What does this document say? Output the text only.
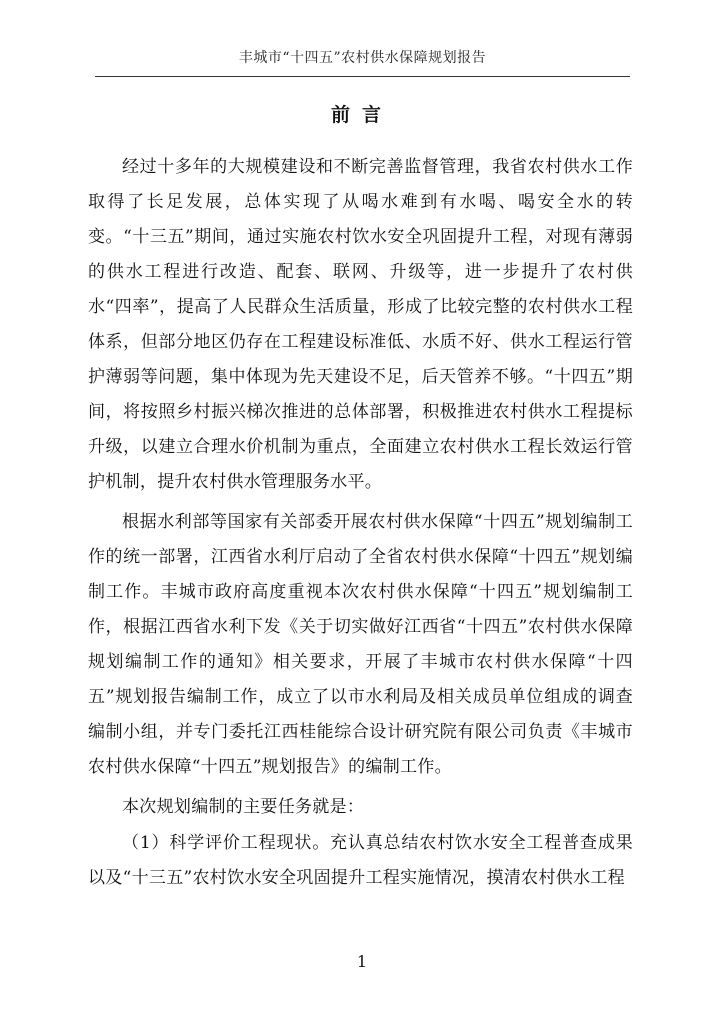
丰城市“十四五”农村供水保障规划报告
前言

经过十多年的大规模建设和不断完善监督管理，我省农村供水工作取得了长足发展，总体实现了从喝水难到有水喝、喝安全水的转变。“十三五”期间，通过实施农村饮水安全巩固提升工程，对现有薄弱的供水工程进行改造、配套、联网、升级等，进一步提升了农村供水“四率”，提高了人民群众生活质量，形成了比较完整的农村供水工程体系，但部分地区仍存在工程建设标准低、水质不好、供水工程运行管护薄弱等问题，集中体现为先天建设不足，后天管养不够。“十四五”期间，将按照乡村振兴梯次推进的总体部署，积极推进农村供水工程提标升级，以建立合理水价机制为重点，全面建立农村供水工程长效运行管护机制，提升农村供水管理服务水平。

根据水利部等国家有关部委开展农村供水保障“十四五”规划编制工作的统一部署，江西省水利厅启动了全省农村供水保障“十四五”规划编制工作。丰城市政府高度重视本次农村供水保障“十四五”规划编制工作，根据江西省水利下发《关于切实做好江西省“十四五”农村供水保障规划编制工作的通知》相关要求，开展了丰城市农村供水保障“十四五”规划报告编制工作，成立了以市水利局及相关成员单位组成的调查编制小组，并专门委托江西桂能综合设计研究院有限公司负责《丰城市农村供水保障“十四五”规划报告》的编制工作。

本次规划编制的主要任务就是：

（1）科学评价工程现状。充认真总结农村饮水安全工程普查成果以及“十三五”农村饮水安全巩固提升工程实施情况，摸清农村供水工程

1
